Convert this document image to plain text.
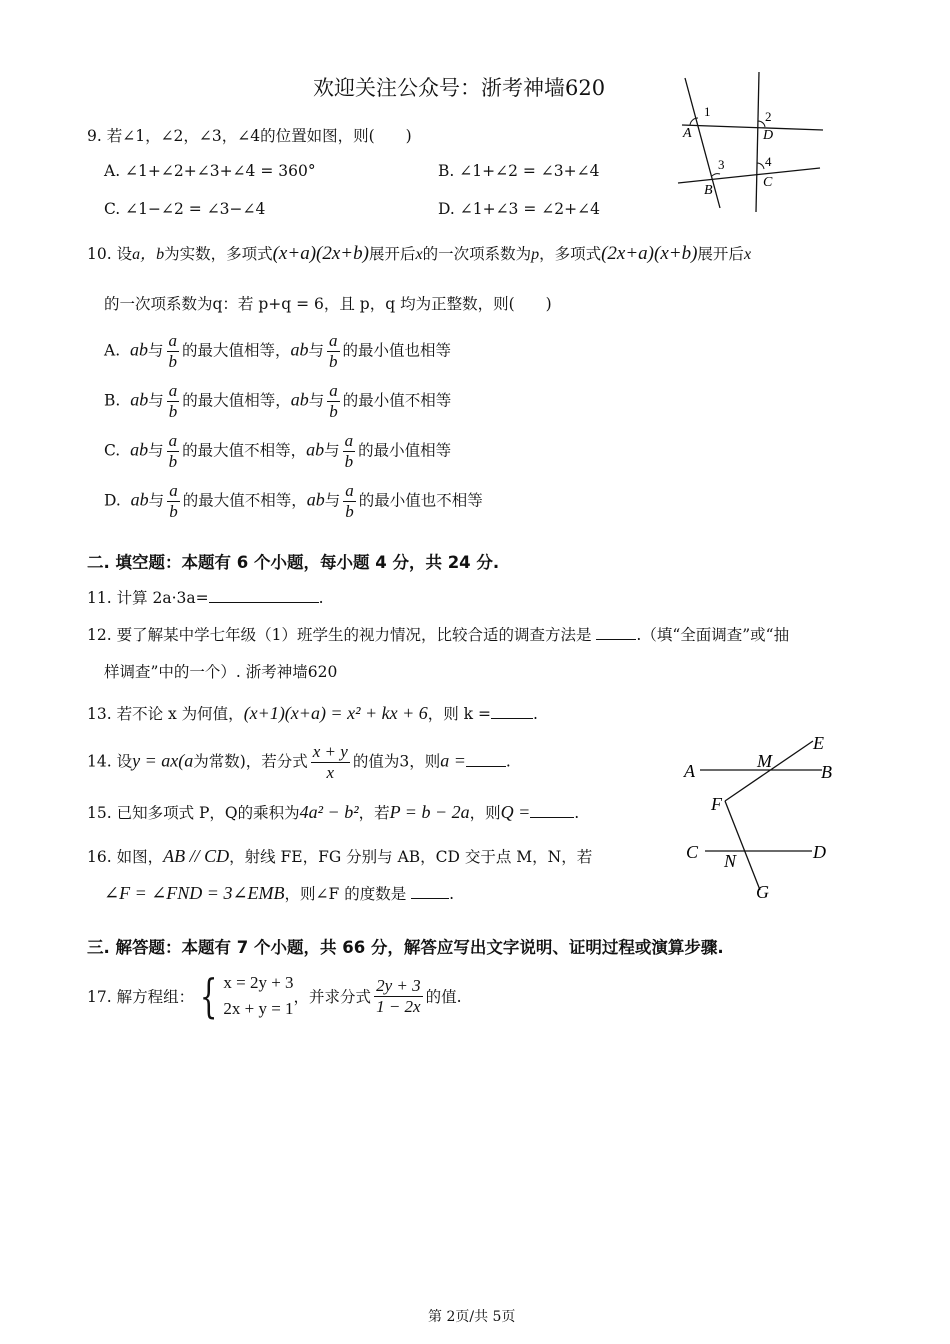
欢迎关注公众号：浙考神墙620
1	2
3	4
A	D
B
C
9. 若∠1，∠2，∠3，∠4的位置如图，则(　　)
A. ∠1+∠2+∠3+∠4 = 360°	B. ∠1+∠2 = ∠3+∠4
C. ∠1−∠2 = ∠3−∠4	D. ∠1+∠3 = ∠2+∠4
10. 设a，b为实数，多项式(x+a)(2x+b)展开后x的一次项系数为p，多项式(2x+a)(x+b)展开后x
的一次项系数为q：若 p+q = 6，且 p，q 均为正整数，则(　　)
A. ab与 $\frac{a}{b}$ 的最大值相等，ab与 $\frac{a}{b}$ 的最小值也相等
B. ab与 $\frac{a}{b}$ 的最大值相等，ab与 $\frac{a}{b}$ 的最小值不相等
C. ab与 $\frac{a}{b}$ 的最大值不相等，ab与 $\frac{a}{b}$ 的最小值相等
D. ab与 $\frac{a}{b}$ 的最大值不相等，ab与 $\frac{a}{b}$ 的最小值也不相等
二. 填空题：本题有 6 个小题，每小题 4 分，共 24 分.
11. 计算 2a·3a=	.
12. 要了解某中学七年级（1）班学生的视力情况，比较合适的调查方法是	.（填“全面调查”或“抽
样调查”中的一个）. 浙考神墙620
13. 若不论 x 为何值，(x+1)(x+a) = x² + kx + 6，则 k =	.
E
A	M
B
F
C N	D
G
14. 设y = ax(a为常数)，若分式 $\frac{x + y}{x}$ 的值为3，则a =	.
15. 已知多项式 P，Q的乘积为4a² − b²，若P = b − 2a，则Q =	.
16. 如图，AB // CD，射线 FE，FG 分别与 AB，CD 交于点 M，N，若
∠F = ∠FND = 3∠EMB，则∠F 的度数是	.
三. 解答题：本题有 7 个小题，共 66 分，解答应写出文字说明、证明过程或演算步骤.
17. 解方程组： { x = 2y + 3
2x + y = 1
，并求分式 $\frac{2y + 3}{1 - 2x}$ 的值.
第 2页/共 5页
